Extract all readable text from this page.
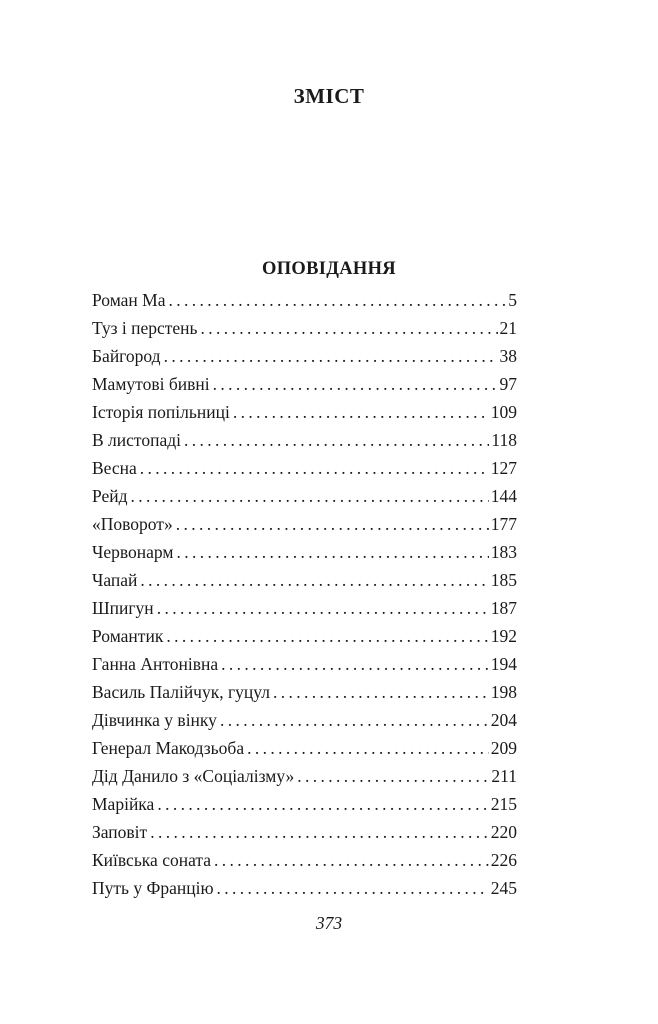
ЗМІСТ
ОПОВІДАННЯ
Роман Ма . . .	5
Туз і перстень . . .	21
Байгород . . .	38
Мамутові бивні . . .	97
Історія попільниці . . .	109
В листопаді . . .	118
Весна . . .	127
Рейд . . .	144
«Поворот» . . .	177
Червонарм . . .	183
Чапай . . .	185
Шпигун . . .	187
Романтик . . .	192
Ганна Антонівна . . .	194
Василь Палійчук, гуцул . . .	198
Дівчинка у вінку . . .	204
Генерал Макодзьоба . . .	209
Дід Данило з «Соціалізму» . . .	211
Марійка . . .	215
Заповіт . . .	220
Київська соната . . .	226
Путь у Францію . . .	245
373
